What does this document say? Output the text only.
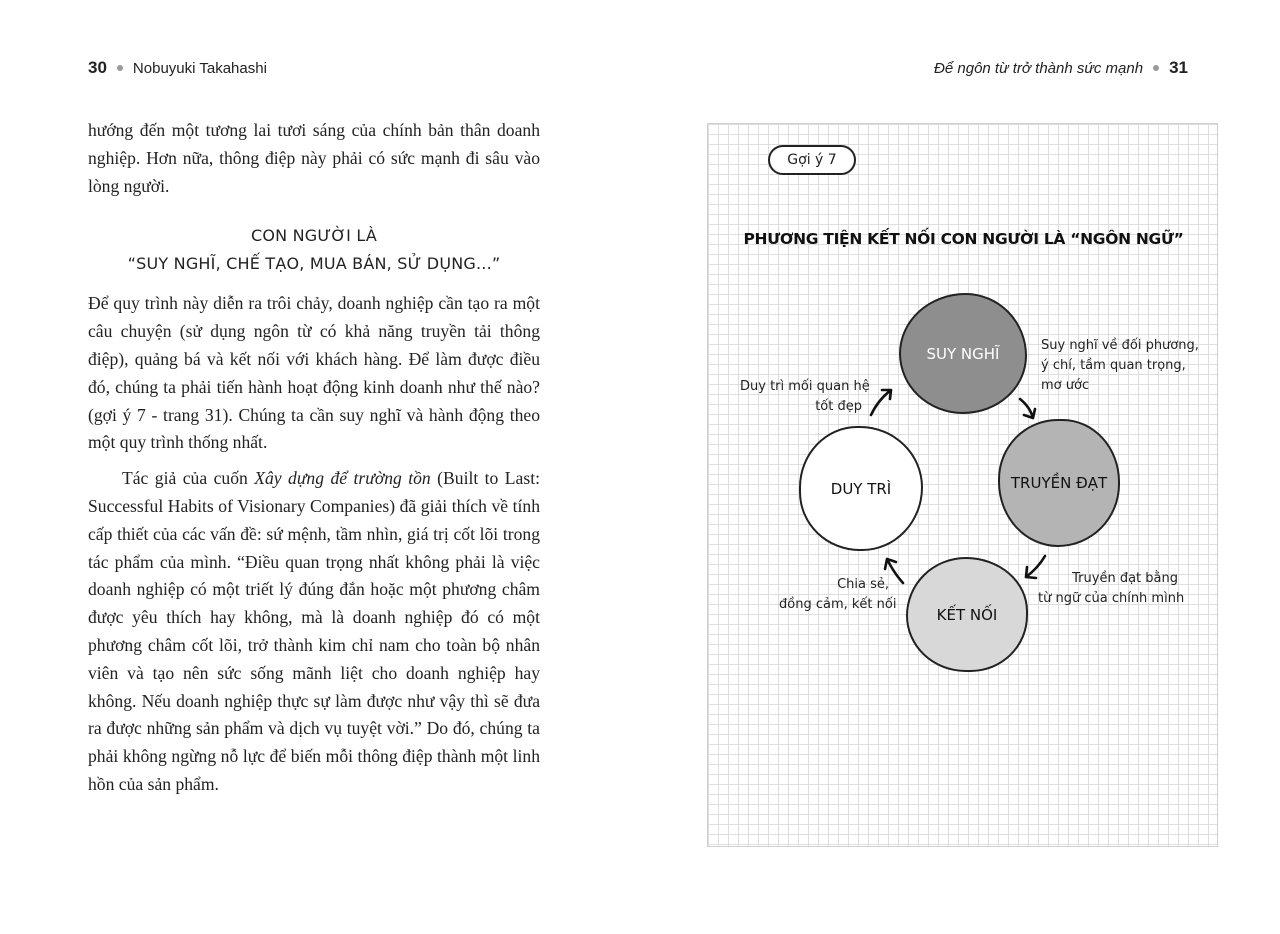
30 Nobuyuki Takahashi	Để ngôn từ trở thành sức mạnh 31

hướng đến một tương lai tươi sáng của chính bản thân doanh nghiệp. Hơn nữa, thông điệp này phải có sức mạnh đi sâu vào lòng người.

CON NGƯỜI LÀ
“SUY NGHĨ, CHẾ TẠO, MUA BÁN, SỬ DỤNG...”

Để quy trình này diễn ra trôi chảy, doanh nghiệp cần tạo ra một câu chuyện (sử dụng ngôn từ có khả năng truyền tải thông điệp), quảng bá và kết nối với khách hàng. Để làm được điều đó, chúng ta phải tiến hành hoạt động kinh doanh như thế nào? (gợi ý 7 - trang 31). Chúng ta cần suy nghĩ và hành động theo một quy trình thống nhất.

Tác giả của cuốn Xây dựng để trường tồn (Built to Last: Successful Habits of Visionary Companies) đã giải thích về tính cấp thiết của các vấn đề: sứ mệnh, tầm nhìn, giá trị cốt lõi trong tác phẩm của mình. “Điều quan trọng nhất không phải là việc doanh nghiệp có một triết lý đúng đắn hoặc một phương châm được yêu thích hay không, mà là doanh nghiệp đó có một phương châm cốt lõi, trở thành kim chỉ nam cho toàn bộ nhân viên và tạo nên sức sống mãnh liệt cho doanh nghiệp hay không. Nếu doanh nghiệp thực sự làm được như vậy thì sẽ đưa ra được những sản phẩm và dịch vụ tuyệt vời.” Do đó, chúng ta phải không ngừng nỗ lực để biến mỗi thông điệp thành một linh hồn của sản phẩm.

Gợi ý 7
PHƯƠNG TIỆN KẾT NỐI CON NGƯỜI LÀ “NGÔN NGỮ”
SUY NGHĨ
TRUYỀN ĐẠT
KẾT NỐI
DUY TRÌ
Suy nghĩ về đối phương,
ý chí, tầm quan trọng,
mơ ước
Duy trì mối quan hệ
tốt đẹp
Truyền đạt bằng
từ ngữ của chính mình
Chia sẻ,
đồng cảm, kết nối
